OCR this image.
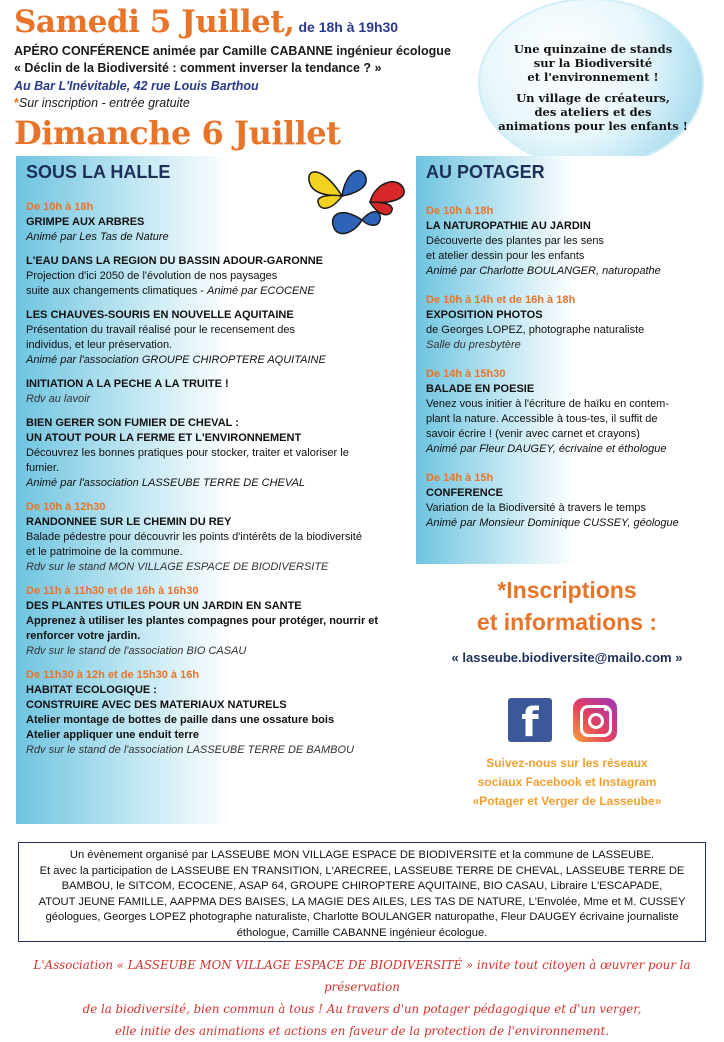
Samedi 5 Juillet, de 18h à 19h30
APÉRO CONFÉRENCE animée par Camille CABANNE ingénieur écologue
« Déclin de la Biodiversité : comment inverser la tendance ? »
Au Bar L'Inévitable, 42 rue Louis Barthou
*Sur inscription - entrée gratuite
Une quinzaine de stands
sur la Biodiversité
et l'environnement !
Un village de créateurs,
des ateliers et des
animations pour les enfants !
Dimanche 6 Juillet
SOUS LA HALLE
De 10h à 18h
GRIMPE AUX ARBRES
Animé par Les Tas de Nature
L'EAU DANS LA REGION DU BASSIN ADOUR-GARONNE
Projection d'ici 2050 de l'évolution de nos paysages
suite aux changements climatiques - Animé par ECOCENE
LES CHAUVES-SOURIS EN NOUVELLE AQUITAINE
Présentation du travail réalisé pour le recensement des
individus, et leur préservation.
Animé par l'association GROUPE CHIROPTERE AQUITAINE
INITIATION A LA PECHE A LA TRUITE !
Rdv au lavoir
BIEN GERER SON FUMIER DE CHEVAL :
UN ATOUT POUR LA FERME ET L'ENVIRONNEMENT
Découvrez les bonnes pratiques pour stocker, traiter et valoriser le
fumier.
Animé par l'association LASSEUBE TERRE DE CHEVAL
De 10h à 12h30
RANDONNEE SUR LE CHEMIN DU REY
Balade pédestre pour découvrir les points d'intérêts de la biodiversité
et le patrimoine de la commune.
Rdv sur le stand MON VILLAGE ESPACE DE BIODIVERSITE
De 11h à 11h30 et de 16h à 16h30
DES PLANTES UTILES POUR UN JARDIN EN SANTE
Apprenez à utiliser les plantes compagnes pour protéger, nourrir et
renforcer votre jardin.
Rdv sur le stand de l'association BIO CASAU
De 11h30 à 12h et de 15h30 à 16h
HABITAT ECOLOGIQUE :
CONSTRUIRE AVEC DES MATERIAUX NATURELS
Atelier montage de bottes de paille dans une ossature bois
Atelier appliquer une enduit terre
Rdv sur le stand de l'association LASSEUBE TERRE DE BAMBOU
AU POTAGER
De 10h à 18h
LA NATUROPATHIE AU JARDIN
Découverte des plantes par les sens
et atelier dessin pour les enfants
Animé par Charlotte BOULANGER, naturopathe
De 10h à 14h et de 16h à 18h
EXPOSITION PHOTOS
de Georges LOPEZ, photographe naturaliste
Salle du presbytère
De 14h à 15h30
BALADE EN POESIE
Venez vous initier à l'écriture de haïku en contem-
plant la nature. Accessible à tous-tes, il suffit de
savoir écrire ! (venir avec carnet et crayons)
Animé par Fleur DAUGEY, écrivaine et éthologue
De 14h à 15h
CONFERENCE
Variation de la Biodiversité à travers le temps
Animé par Monsieur Dominique CUSSEY, géologue
*Inscriptions
et informations :
« lasseube.biodiversite@mailo.com »
f
Suivez-nous sur les réseaux
sociaux Facebook et Instagram
«Potager et Verger de Lasseube»
Un évènement organisé par LASSEUBE MON VILLAGE ESPACE DE BIODIVERSITE et la commune de LASSEUBE.
Et avec la participation de LASSEUBE EN TRANSITION, L'ARECREE, LASSEUBE TERRE DE CHEVAL, LASSEUBE TERRE DE
BAMBOU, le SITCOM, ECOCENE, ASAP 64, GROUPE CHIROPTERE AQUITAINE, BIO CASAU, Libraire L'ESCAPADE,
ATOUT JEUNE FAMILLE, AAPPMA DES BAISES, LA MAGIE DES AILES, LES TAS DE NATURE, L'Envolée, Mme et M. CUSSEY
géologues, Georges LOPEZ photographe naturaliste, Charlotte BOULANGER naturopathe, Fleur DAUGEY écrivaine journaliste
éthologue, Camille CABANNE ingénieur écologue.
L'Association « LASSEUBE MON VILLAGE ESPACE DE BIODIVERSITÉ » invite tout citoyen à œuvrer pour la préservation
de la biodiversité, bien commun à tous ! Au travers d'un potager pédagogique et d'un verger,
elle initie des animations et actions en faveur de la protection de l'environnement.
